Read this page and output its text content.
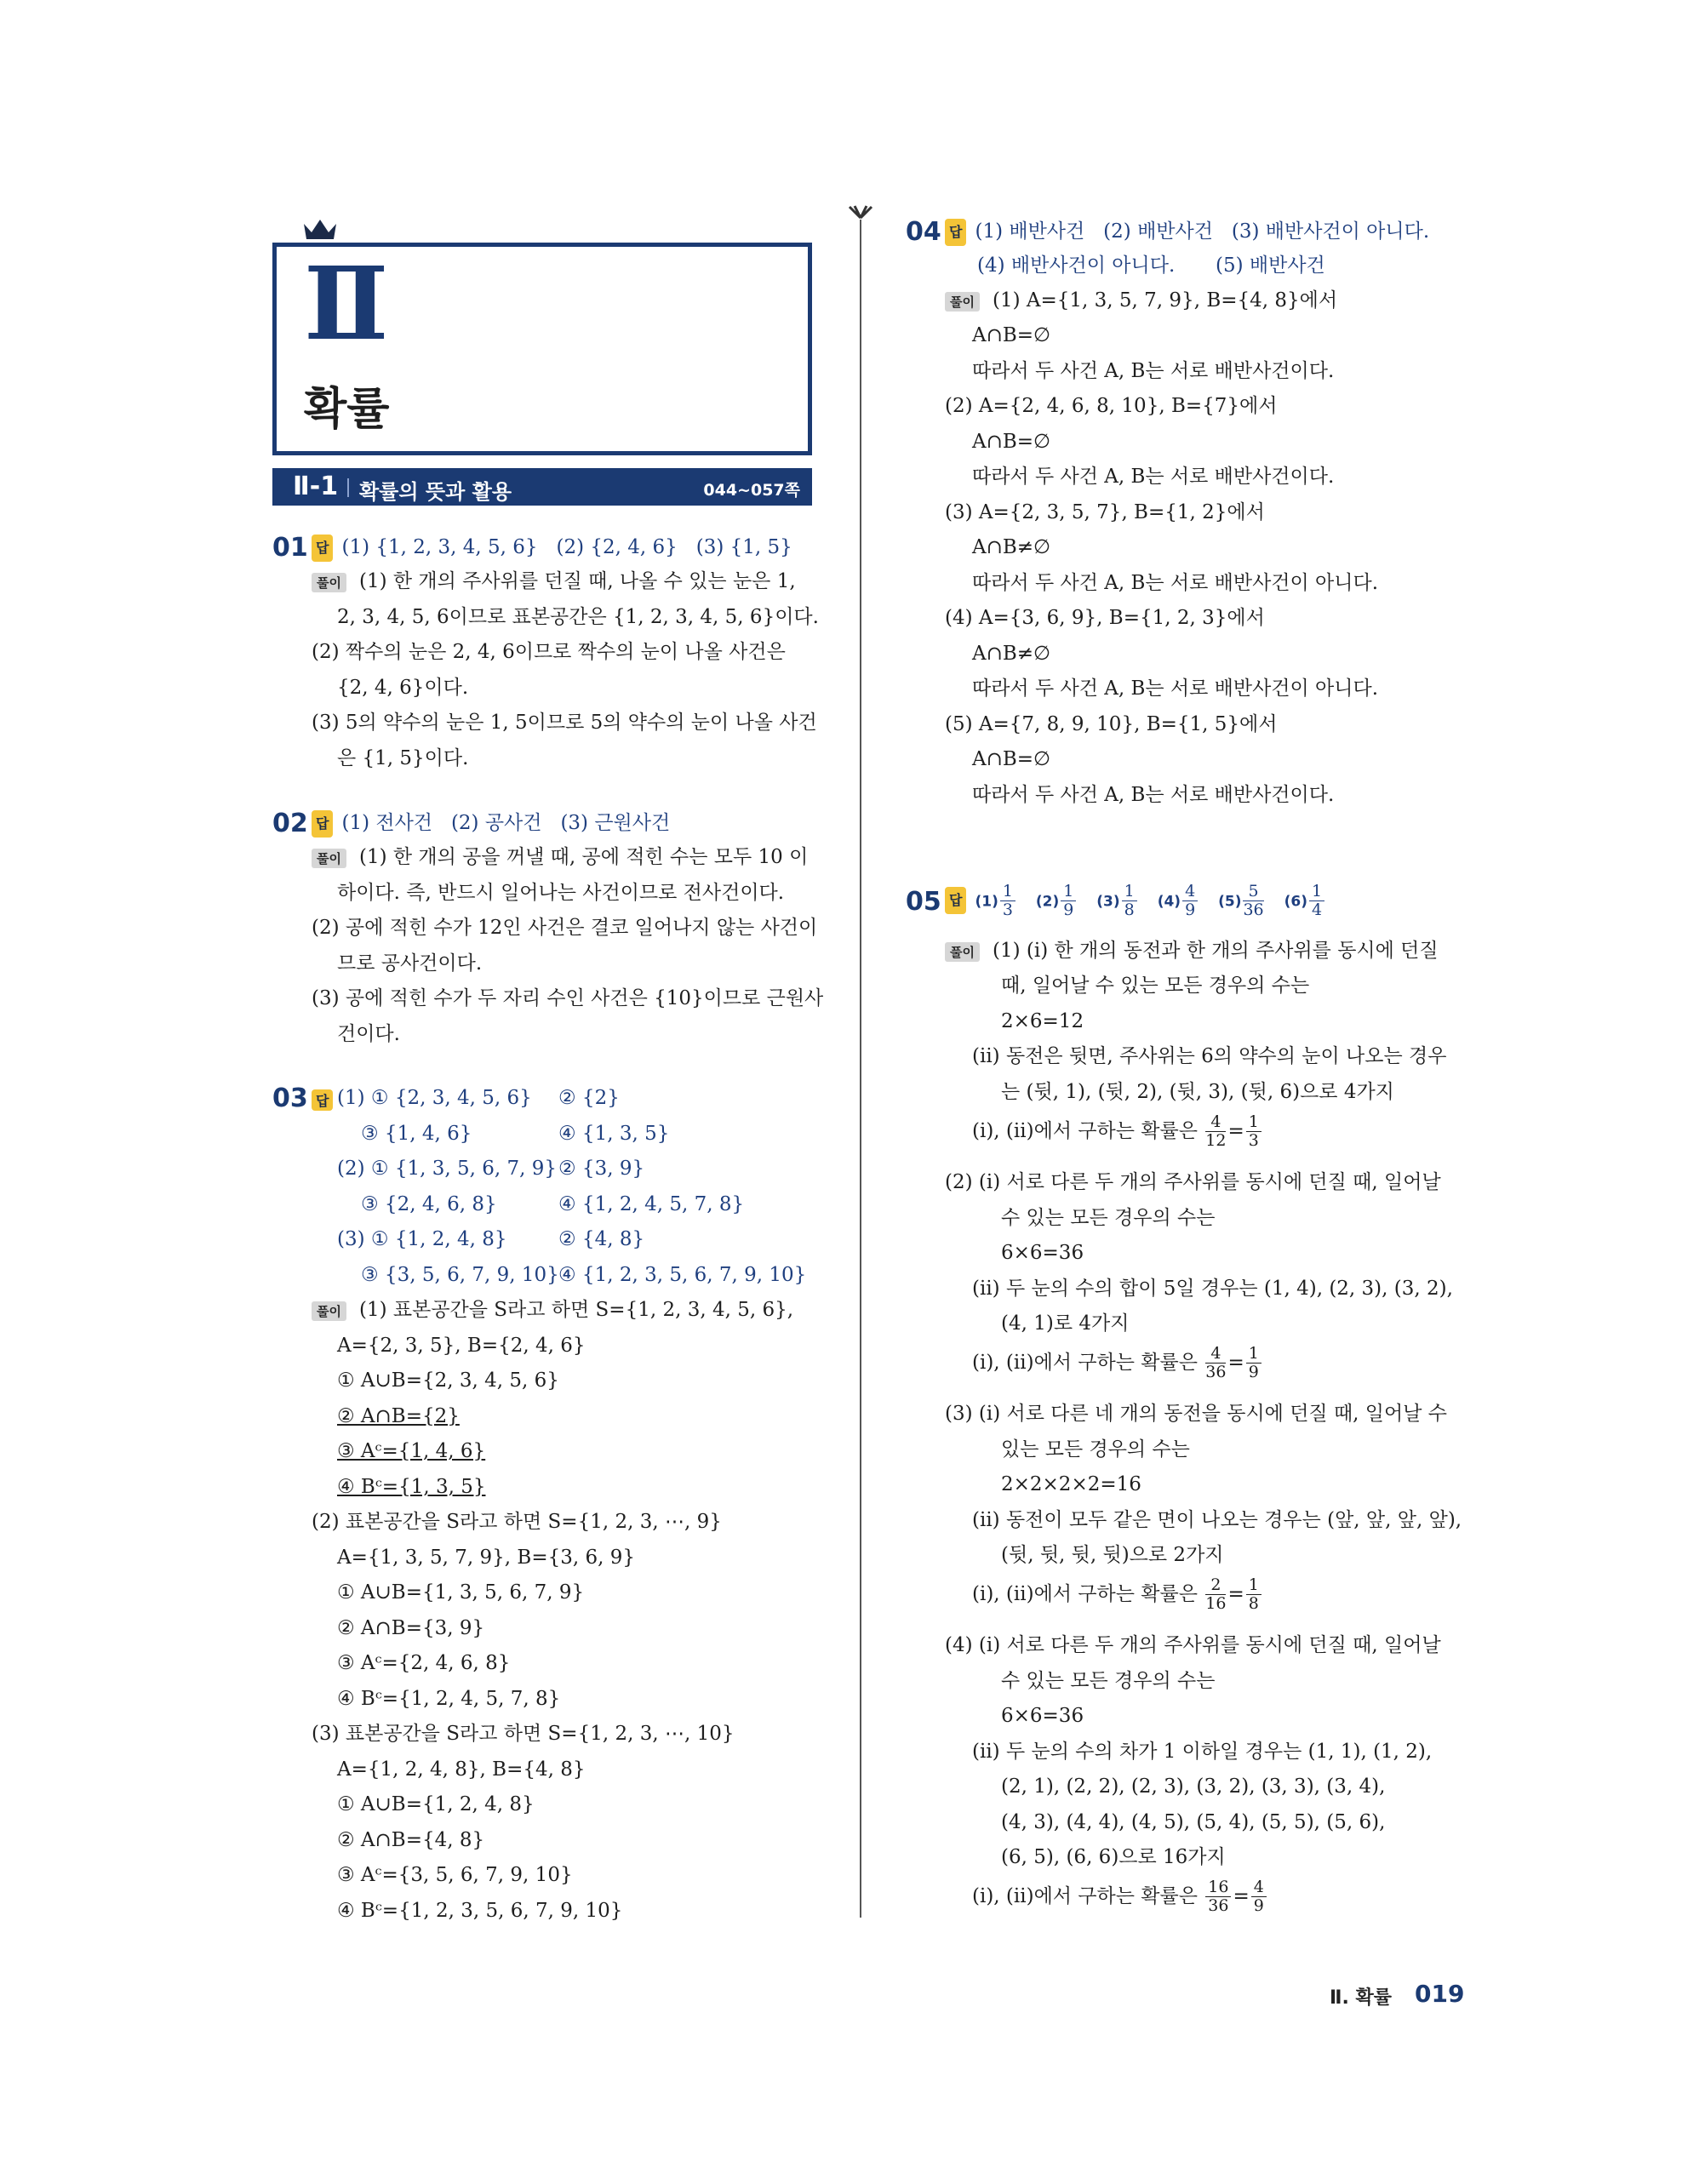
Ⅱ
확률
Ⅱ-1 확률의 뜻과 활용	044~057쪽
01 답 (1) {1, 2, 3, 4, 5, 6} (2) {2, 4, 6} (3) {1, 5}
풀이 (1) 한 개의 주사위를 던질 때, 나올 수 있는 눈은 1,
2, 3, 4, 5, 6이므로 표본공간은 {1, 2, 3, 4, 5, 6}이다.
(2) 짝수의 눈은 2, 4, 6이므로 짝수의 눈이 나올 사건은
{2, 4, 6}이다.
(3) 5의 약수의 눈은 1, 5이므로 5의 약수의 눈이 나올 사건
은 {1, 5}이다.
02 답 (1) 전사건 (2) 공사건 (3) 근원사건
풀이 (1) 한 개의 공을 꺼낼 때, 공에 적힌 수는 모두 10 이
하이다. 즉, 반드시 일어나는 사건이므로 전사건이다.
(2) 공에 적힌 수가 12인 사건은 결코 일어나지 않는 사건이
므로 공사건이다.
(3) 공에 적힌 수가 두 자리 수인 사건은 {10}이므로 근원사
건이다.
03 답 (1) ① {2, 3, 4, 5, 6} ② {2}
③ {1, 4, 6}	④ {1, 3, 5}
(2) ① {1, 3, 5, 6, 7, 9} ② {3, 9}
③ {2, 4, 6, 8}	④ {1, 2, 4, 5, 7, 8}
(3) ① {1, 2, 4, 8}	② {4, 8}
③ {3, 5, 6, 7, 9, 10} ④ {1, 2, 3, 5, 6, 7, 9, 10}
풀이 (1) 표본공간을 S라고 하면 S={1, 2, 3, 4, 5, 6},
A={2, 3, 5}, B={2, 4, 6}
① A∪B={2, 3, 4, 5, 6}
② A∩B={2}
③ Aᶜ={1, 4, 6}
④ Bᶜ={1, 3, 5}
(2) 표본공간을 S라고 하면 S={1, 2, 3, ⋯, 9}
A={1, 3, 5, 7, 9}, B={3, 6, 9}
① A∪B={1, 3, 5, 6, 7, 9}
② A∩B={3, 9}
③ Aᶜ={2, 4, 6, 8}
④ Bᶜ={1, 2, 4, 5, 7, 8}
(3) 표본공간을 S라고 하면 S={1, 2, 3, ⋯, 10}
A={1, 2, 4, 8}, B={4, 8}
① A∪B={1, 2, 4, 8}
② A∩B={4, 8}
③ Aᶜ={3, 5, 6, 7, 9, 10}
④ Bᶜ={1, 2, 3, 5, 6, 7, 9, 10}
04 답 (1) 배반사건 (2) 배반사건 (3) 배반사건이 아니다.
(4) 배반사건이 아니다. (5) 배반사건
풀이 (1) A={1, 3, 5, 7, 9}, B={4, 8}에서
A∩B=∅
따라서 두 사건 A, B는 서로 배반사건이다.
(2) A={2, 4, 6, 8, 10}, B={7}에서
A∩B=∅
따라서 두 사건 A, B는 서로 배반사건이다.
(3) A={2, 3, 5, 7}, B={1, 2}에서
A∩B≠∅
따라서 두 사건 A, B는 서로 배반사건이 아니다.
(4) A={3, 6, 9}, B={1, 2, 3}에서
A∩B≠∅
따라서 두 사건 A, B는 서로 배반사건이 아니다.
(5) A={7, 8, 9, 10}, B={1, 5}에서
A∩B=∅
따라서 두 사건 A, B는 서로 배반사건이다.
05 답 $(1) \frac{1}{3}$
$(2) \frac{1}{9}$
$(3) \frac{1}{8}$
$(4) \frac{4}{9}$
$(5) \frac{5}{36}$
$(6) \frac{1}{4}$
풀이 (1) (ⅰ) 한 개의 동전과 한 개의 주사위를 동시에 던질
때, 일어날 수 있는 모든 경우의 수는
2×6=12
(ⅱ) 동전은 뒷면, 주사위는 6의 약수의 눈이 나오는 경우
는 (뒷, 1), (뒷, 2), (뒷, 3), (뒷, 6)으로 4가지
(ⅰ), (ⅱ)에서 구하는 확률은
$\frac{4}{12} = \frac{1}{3}$
(2) (ⅰ) 서로 다른 두 개의 주사위를 동시에 던질 때, 일어날
수 있는 모든 경우의 수는
6×6=36
(ⅱ) 두 눈의 수의 합이 5일 경우는 (1, 4), (2, 3), (3, 2),
(4, 1)로 4가지
(ⅰ), (ⅱ)에서 구하는 확률은
$\frac{4}{36} = \frac{1}{9}$
(3) (ⅰ) 서로 다른 네 개의 동전을 동시에 던질 때, 일어날 수
있는 모든 경우의 수는
2×2×2×2=16
(ⅱ) 동전이 모두 같은 면이 나오는 경우는 (앞, 앞, 앞, 앞),
(뒷, 뒷, 뒷, 뒷)으로 2가지
(ⅰ), (ⅱ)에서 구하는 확률은
$\frac{2}{16} = \frac{1}{8}$
(4) (ⅰ) 서로 다른 두 개의 주사위를 동시에 던질 때, 일어날
수 있는 모든 경우의 수는
6×6=36
(ⅱ) 두 눈의 수의 차가 1 이하일 경우는 (1, 1), (1, 2),
(2, 1), (2, 2), (2, 3), (3, 2), (3, 3), (3, 4),
(4, 3), (4, 4), (4, 5), (5, 4), (5, 5), (5, 6),
(6, 5), (6, 6)으로 16가지
(ⅰ), (ⅱ)에서 구하는 확률은
$\frac{16}{36} = \frac{4}{9}$
Ⅱ. 확률 019
